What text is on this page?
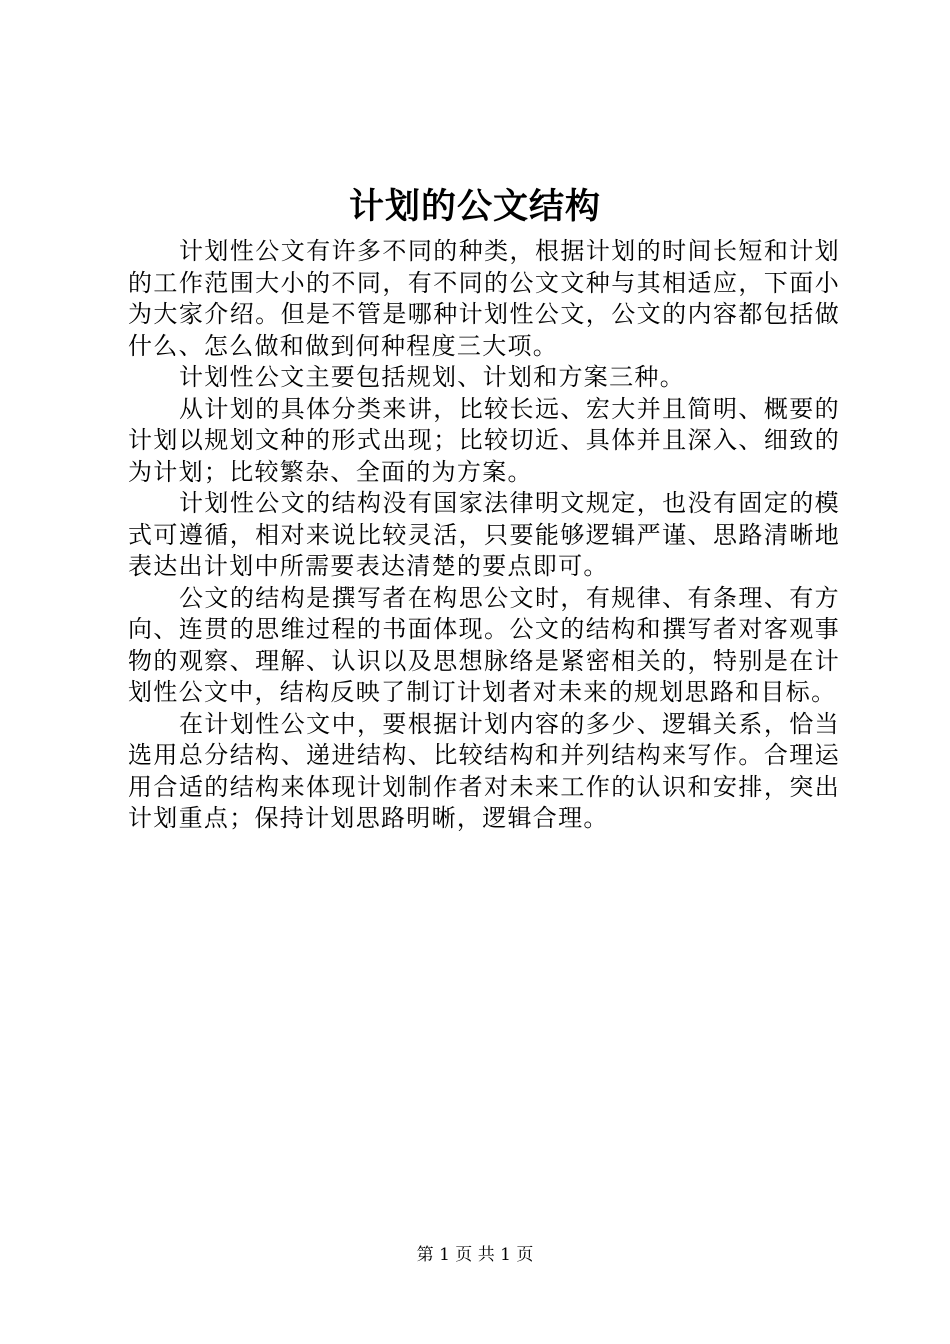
计划的公文结构

计划性公文有许多不同的种类，根据计划的时间长短和计划的工作范围大小的不同，有不同的公文文种与其相适应，下面小为大家介绍。但是不管是哪种计划性公文，公文的内容都包括做什么、怎么做和做到何种程度三大项。

计划性公文主要包括规划、计划和方案三种。

从计划的具体分类来讲，比较长远、宏大并且简明、概要的计划以规划文种的形式出现；比较切近、具体并且深入、细致的为计划；比较繁杂、全面的为方案。

计划性公文的结构没有国家法律明文规定，也没有固定的模式可遵循，相对来说比较灵活，只要能够逻辑严谨、思路清晰地表达出计划中所需要表达清楚的要点即可。

公文的结构是撰写者在构思公文时，有规律、有条理、有方向、连贯的思维过程的书面体现。公文的结构和撰写者对客观事物的观察、理解、认识以及思想脉络是紧密相关的，特别是在计划性公文中，结构反映了制订计划者对未来的规划思路和目标。

在计划性公文中，要根据计划内容的多少、逻辑关系，恰当选用总分结构、递进结构、比较结构和并列结构来写作。合理运用合适的结构来体现计划制作者对未来工作的认识和安排，突出计划重点；保持计划思路明晰，逻辑合理。

第 1 页 共 1 页
